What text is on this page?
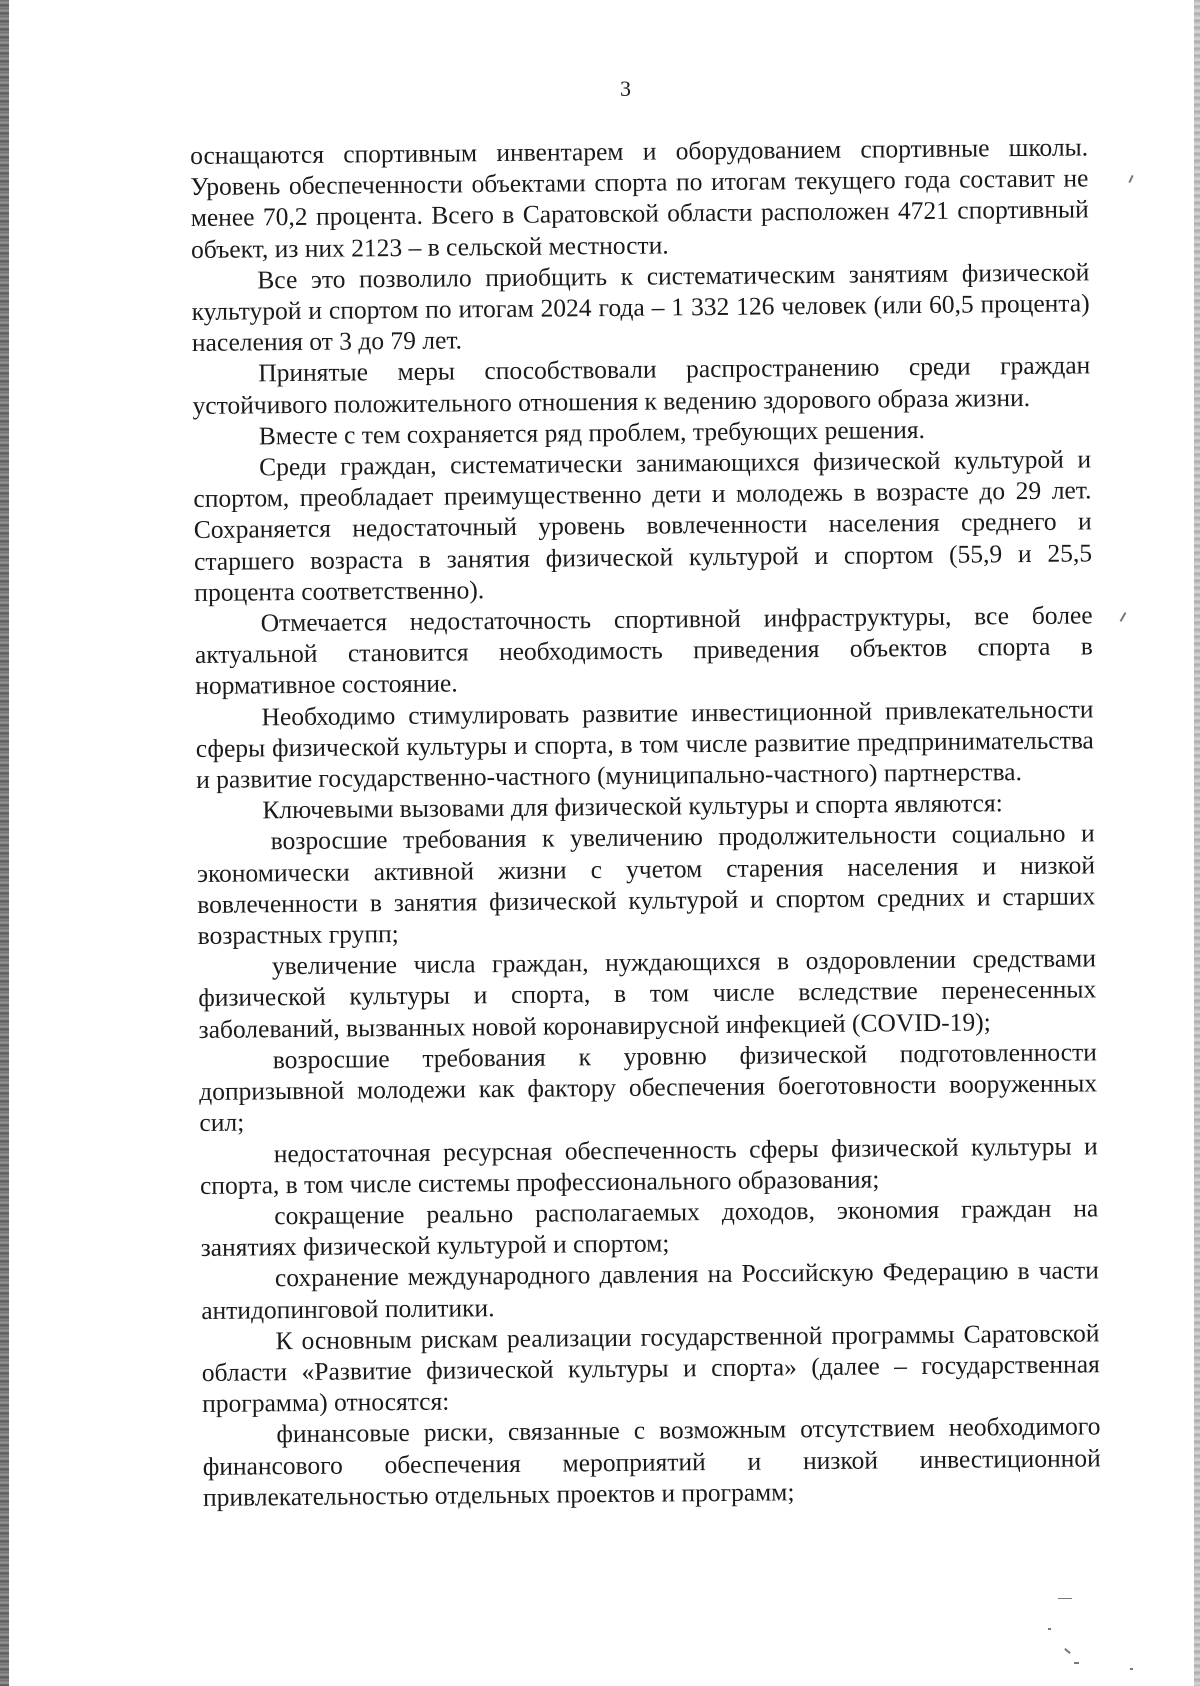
3

оснащаются спортивным инвентарем и оборудованием спортивные школы. Уровень обеспеченности объектами спорта по итогам текущего года составит не менее 70,2 процента. Всего в Саратовской области расположен 4721 спортивный объект, из них 2123 – в сельской местности.

Все это позволило приобщить к систематическим занятиям физической культурой и спортом по итогам 2024 года – 1 332 126 человек (или 60,5 процента) населения от 3 до 79 лет.

Принятые меры способствовали распространению среди граждан устойчивого положительного отношения к ведению здорового образа жизни.

Вместе с тем сохраняется ряд проблем, требующих решения.

Среди граждан, систематически занимающихся физической культурой и спортом, преобладает преимущественно дети и молодежь в возрасте до 29 лет. Сохраняется недостаточный уровень вовлеченности населения среднего и старшего возраста в занятия физической культурой и спортом (55,9 и 25,5 процента соответственно).

Отмечается недостаточность спортивной инфраструктуры, все более актуальной становится необходимость приведения объектов спорта в нормативное состояние.

Необходимо стимулировать развитие инвестиционной привлекательности сферы физической культуры и спорта, в том числе развитие предпринимательства и развитие государственно-частного (муниципально-частного) партнерства.

Ключевыми вызовами для физической культуры и спорта являются:

возросшие требования к увеличению продолжительности социально и экономически активной жизни с учетом старения населения и низкой вовлеченности в занятия физической культурой и спортом средних и старших возрастных групп;

увеличение числа граждан, нуждающихся в оздоровлении средствами физической культуры и спорта, в том числе вследствие перенесенных заболеваний, вызванных новой коронавирусной инфекцией (COVID-19);

возросшие требования к уровню физической подготовленности допризывной молодежи как фактору обеспечения боеготовности вооруженных сил;

недостаточная ресурсная обеспеченность сферы физической культуры и спорта, в том числе системы профессионального образования;

сокращение реально располагаемых доходов, экономия граждан на занятиях физической культурой и спортом;

сохранение международного давления на Российскую Федерацию в части антидопинговой политики.

К основным рискам реализации государственной программы Саратовской области «Развитие физической культуры и спорта» (далее – государственная программа) относятся:

финансовые риски, связанные с возможным отсутствием необходимого финансового обеспечения мероприятий и низкой инвестиционной привлекательностью отдельных проектов и программ;
